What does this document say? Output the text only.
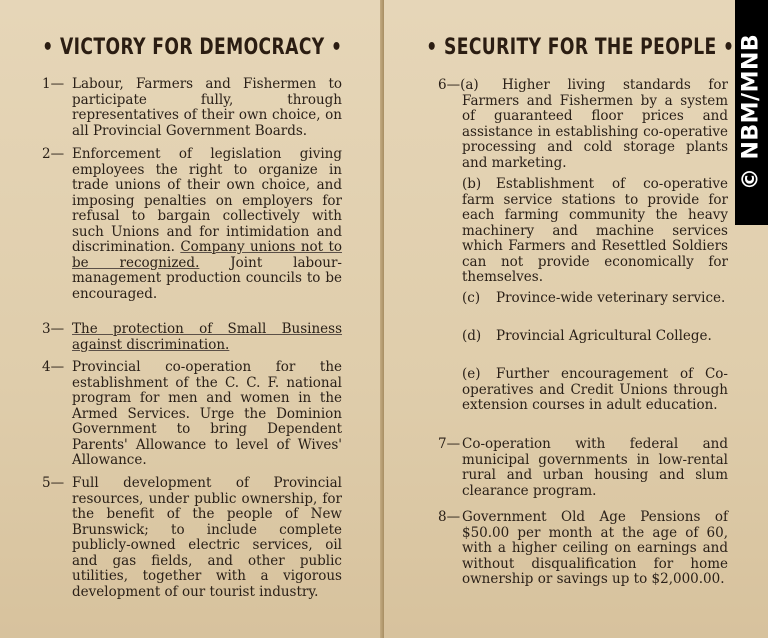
• VICTORY FOR DEMOCRACY •
1— Labour, Farmers and Fishermen to participate fully, through representatives of their own choice, on all Provincial Government Boards.

2— Enforcement of legislation giving employees the right to organize in trade unions of their own choice, and imposing penalties on employers for refusal to bargain collectively with such Unions and for intimidation and discrimination. Company unions not to be recognized. Joint labour-management production councils to be encouraged.

3— The protection of Small Business against discrimination.

4— Provincial co-operation for the establishment of the C. C. F. national program for men and women in the Armed Services. Urge the Dominion Government to bring Dependent Parents' Allowance to level of Wives' Allowance.

5— Full development of Provincial resources, under public ownership, for the benefit of the people of New Brunswick; to include complete publicly-owned electric services, oil and gas fields, and other public utilities, together with a vigorous development of our tourist industry.

• SECURITY FOR THE PEOPLE •
6—(a)	Higher living standards for Farmers and Fishermen by a system of guaranteed floor prices and assistance in establishing co-operative processing and cold storage plants and marketing.

(b)	Establishment of co-operative farm service stations to provide for each farming community the heavy machinery and machine services which Farmers and Resettled Soldiers can not provide economically for themselves.

(c)	Province-wide veterinary service.

(d)	Provincial Agricultural College.

(e)	Further encouragement of Co-operatives and Credit Unions through extension courses in adult education.

7— Co-operation with federal and municipal governments in low-rental rural and urban housing and slum clearance program.

8— Government Old Age Pensions of $50.00 per month at the age of 60, with a higher ceiling on earnings and without disqualification for home ownership or savings up to $2,000.00.

© NBM/MNB
